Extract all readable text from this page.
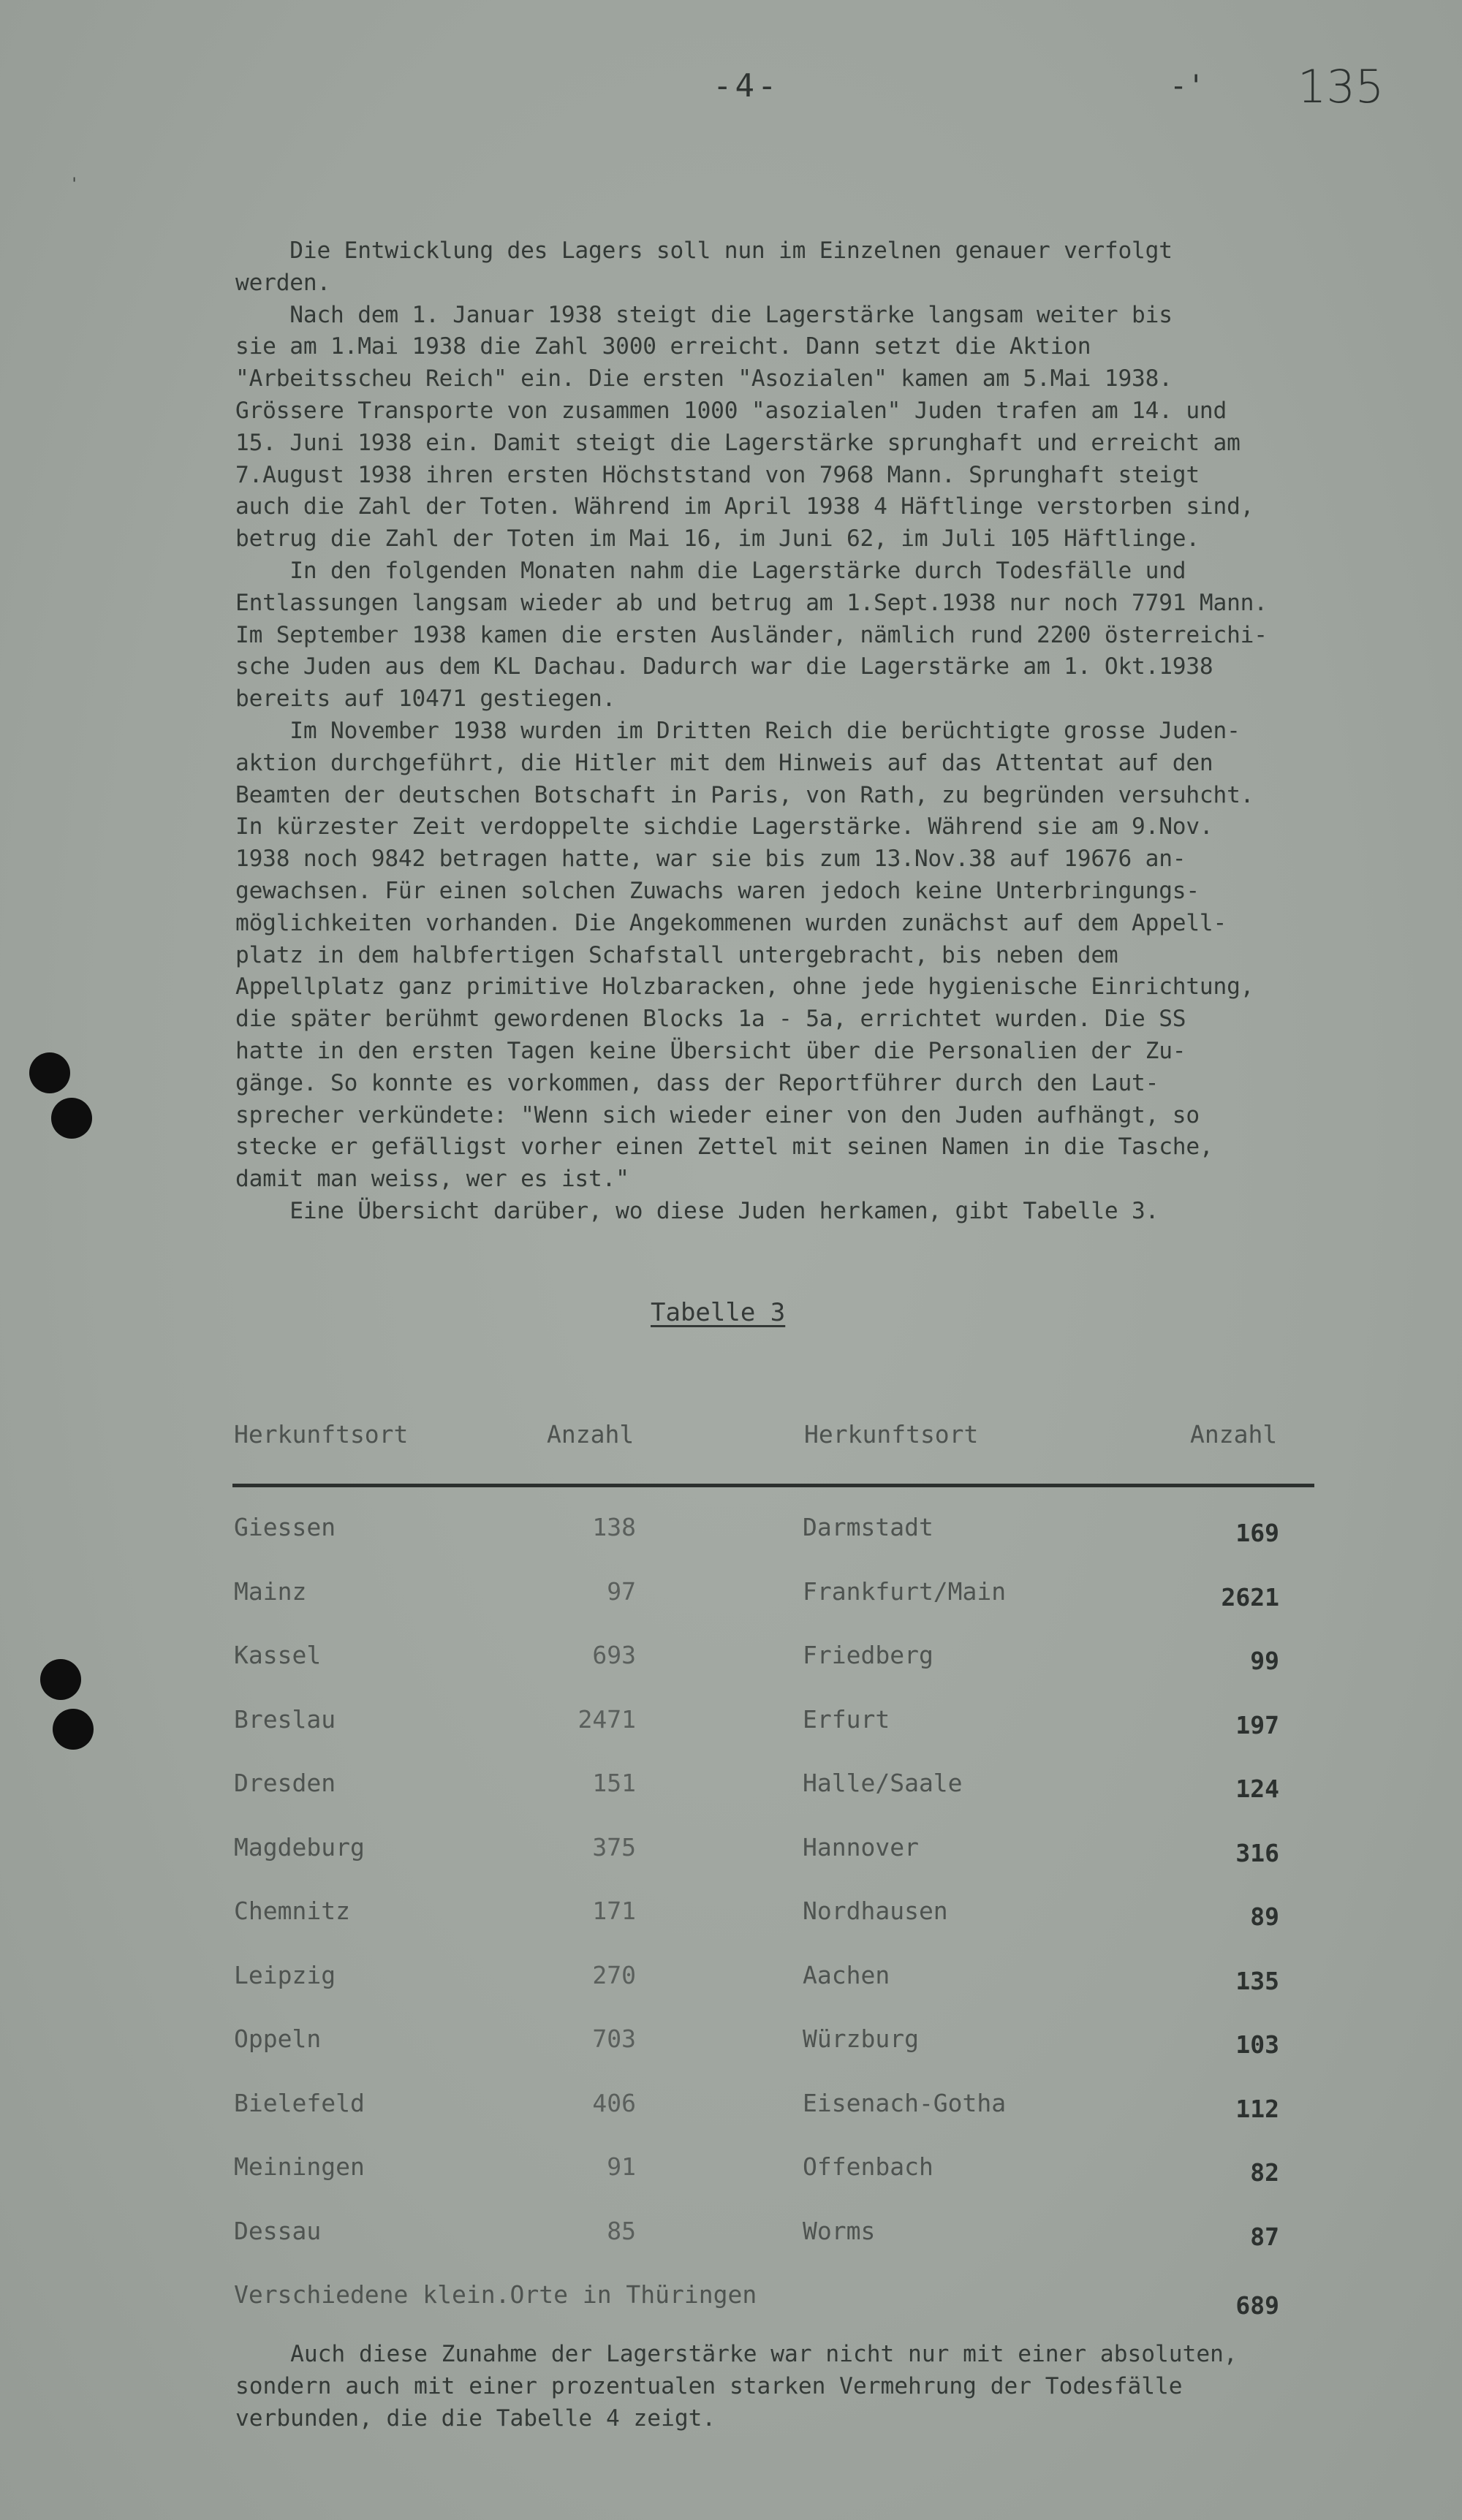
'
-4-	-' 135
Die Entwicklung des Lagers soll nun im Einzelnen genauer verfolgt
werden.
Nach dem 1. Januar 1938 steigt die Lagerstärke langsam weiter bis
sie am 1.Mai 1938 die Zahl 3000 erreicht. Dann setzt die Aktion
"Arbeitsscheu Reich" ein. Die ersten "Asozialen" kamen am 5.Mai 1938.
Grössere Transporte von zusammen 1000 "asozialen" Juden trafen am 14. und
15. Juni 1938 ein. Damit steigt die Lagerstärke sprunghaft und erreicht am
7.August 1938 ihren ersten Höchststand von 7968 Mann. Sprunghaft steigt
auch die Zahl der Toten. Während im April 1938 4 Häftlinge verstorben sind,
betrug die Zahl der Toten im Mai 16, im Juni 62, im Juli 105 Häftlinge.
In den folgenden Monaten nahm die Lagerstärke durch Todesfälle und
Entlassungen langsam wieder ab und betrug am 1.Sept.1938 nur noch 7791 Mann.
Im September 1938 kamen die ersten Ausländer, nämlich rund 2200 österreichi-
sche Juden aus dem KL Dachau. Dadurch war die Lagerstärke am 1. Okt.1938
bereits auf 10471 gestiegen.
Im November 1938 wurden im Dritten Reich die berüchtigte grosse Juden-
aktion durchgeführt, die Hitler mit dem Hinweis auf das Attentat auf den
Beamten der deutschen Botschaft in Paris, von Rath, zu begründen versuhcht.
In kürzester Zeit verdoppelte sichdie Lagerstärke. Während sie am 9.Nov.
1938 noch 9842 betragen hatte, war sie bis zum 13.Nov.38 auf 19676 an-
gewachsen. Für einen solchen Zuwachs waren jedoch keine Unterbringungs-
möglichkeiten vorhanden. Die Angekommenen wurden zunächst auf dem Appell-
platz in dem halbfertigen Schafstall untergebracht, bis neben dem
Appellplatz ganz primitive Holzbaracken, ohne jede hygienische Einrichtung,
die später berühmt gewordenen Blocks 1a - 5a, errichtet wurden. Die SS
hatte in den ersten Tagen keine Übersicht über die Personalien der Zu-
gänge. So konnte es vorkommen, dass der Reportführer durch den Laut-
sprecher verkündete: "Wenn sich wieder einer von den Juden aufhängt, so
stecke er gefälligst vorher einen Zettel mit seinen Namen in die Tasche,
damit man weiss, wer es ist."
Eine Übersicht darüber, wo diese Juden herkamen, gibt Tabelle 3.
Tabelle 3
Herkunftsort	Anzahl	Herkunftsort	Anzahl
Giessen	138	Darmstadt	169
Mainz	97	Frankfurt/Main	2621
Kassel	693	Friedberg	99
Breslau	2471	Erfurt	197
Dresden	151	Halle/Saale	124
Magdeburg	375	Hannover	316
Chemnitz	171	Nordhausen	89
Leipzig	270	Aachen	135
Oppeln	703	Würzburg	103
Bielefeld	406	Eisenach-Gotha	112
Meiningen	91	Offenbach	82
Dessau	85	Worms	87
Verschiedene klein.Orte in Thüringen	689
Auch diese Zunahme der Lagerstärke war nicht nur mit einer absoluten,
sondern auch mit einer prozentualen starken Vermehrung der Todesfälle
verbunden, die die Tabelle 4 zeigt.
